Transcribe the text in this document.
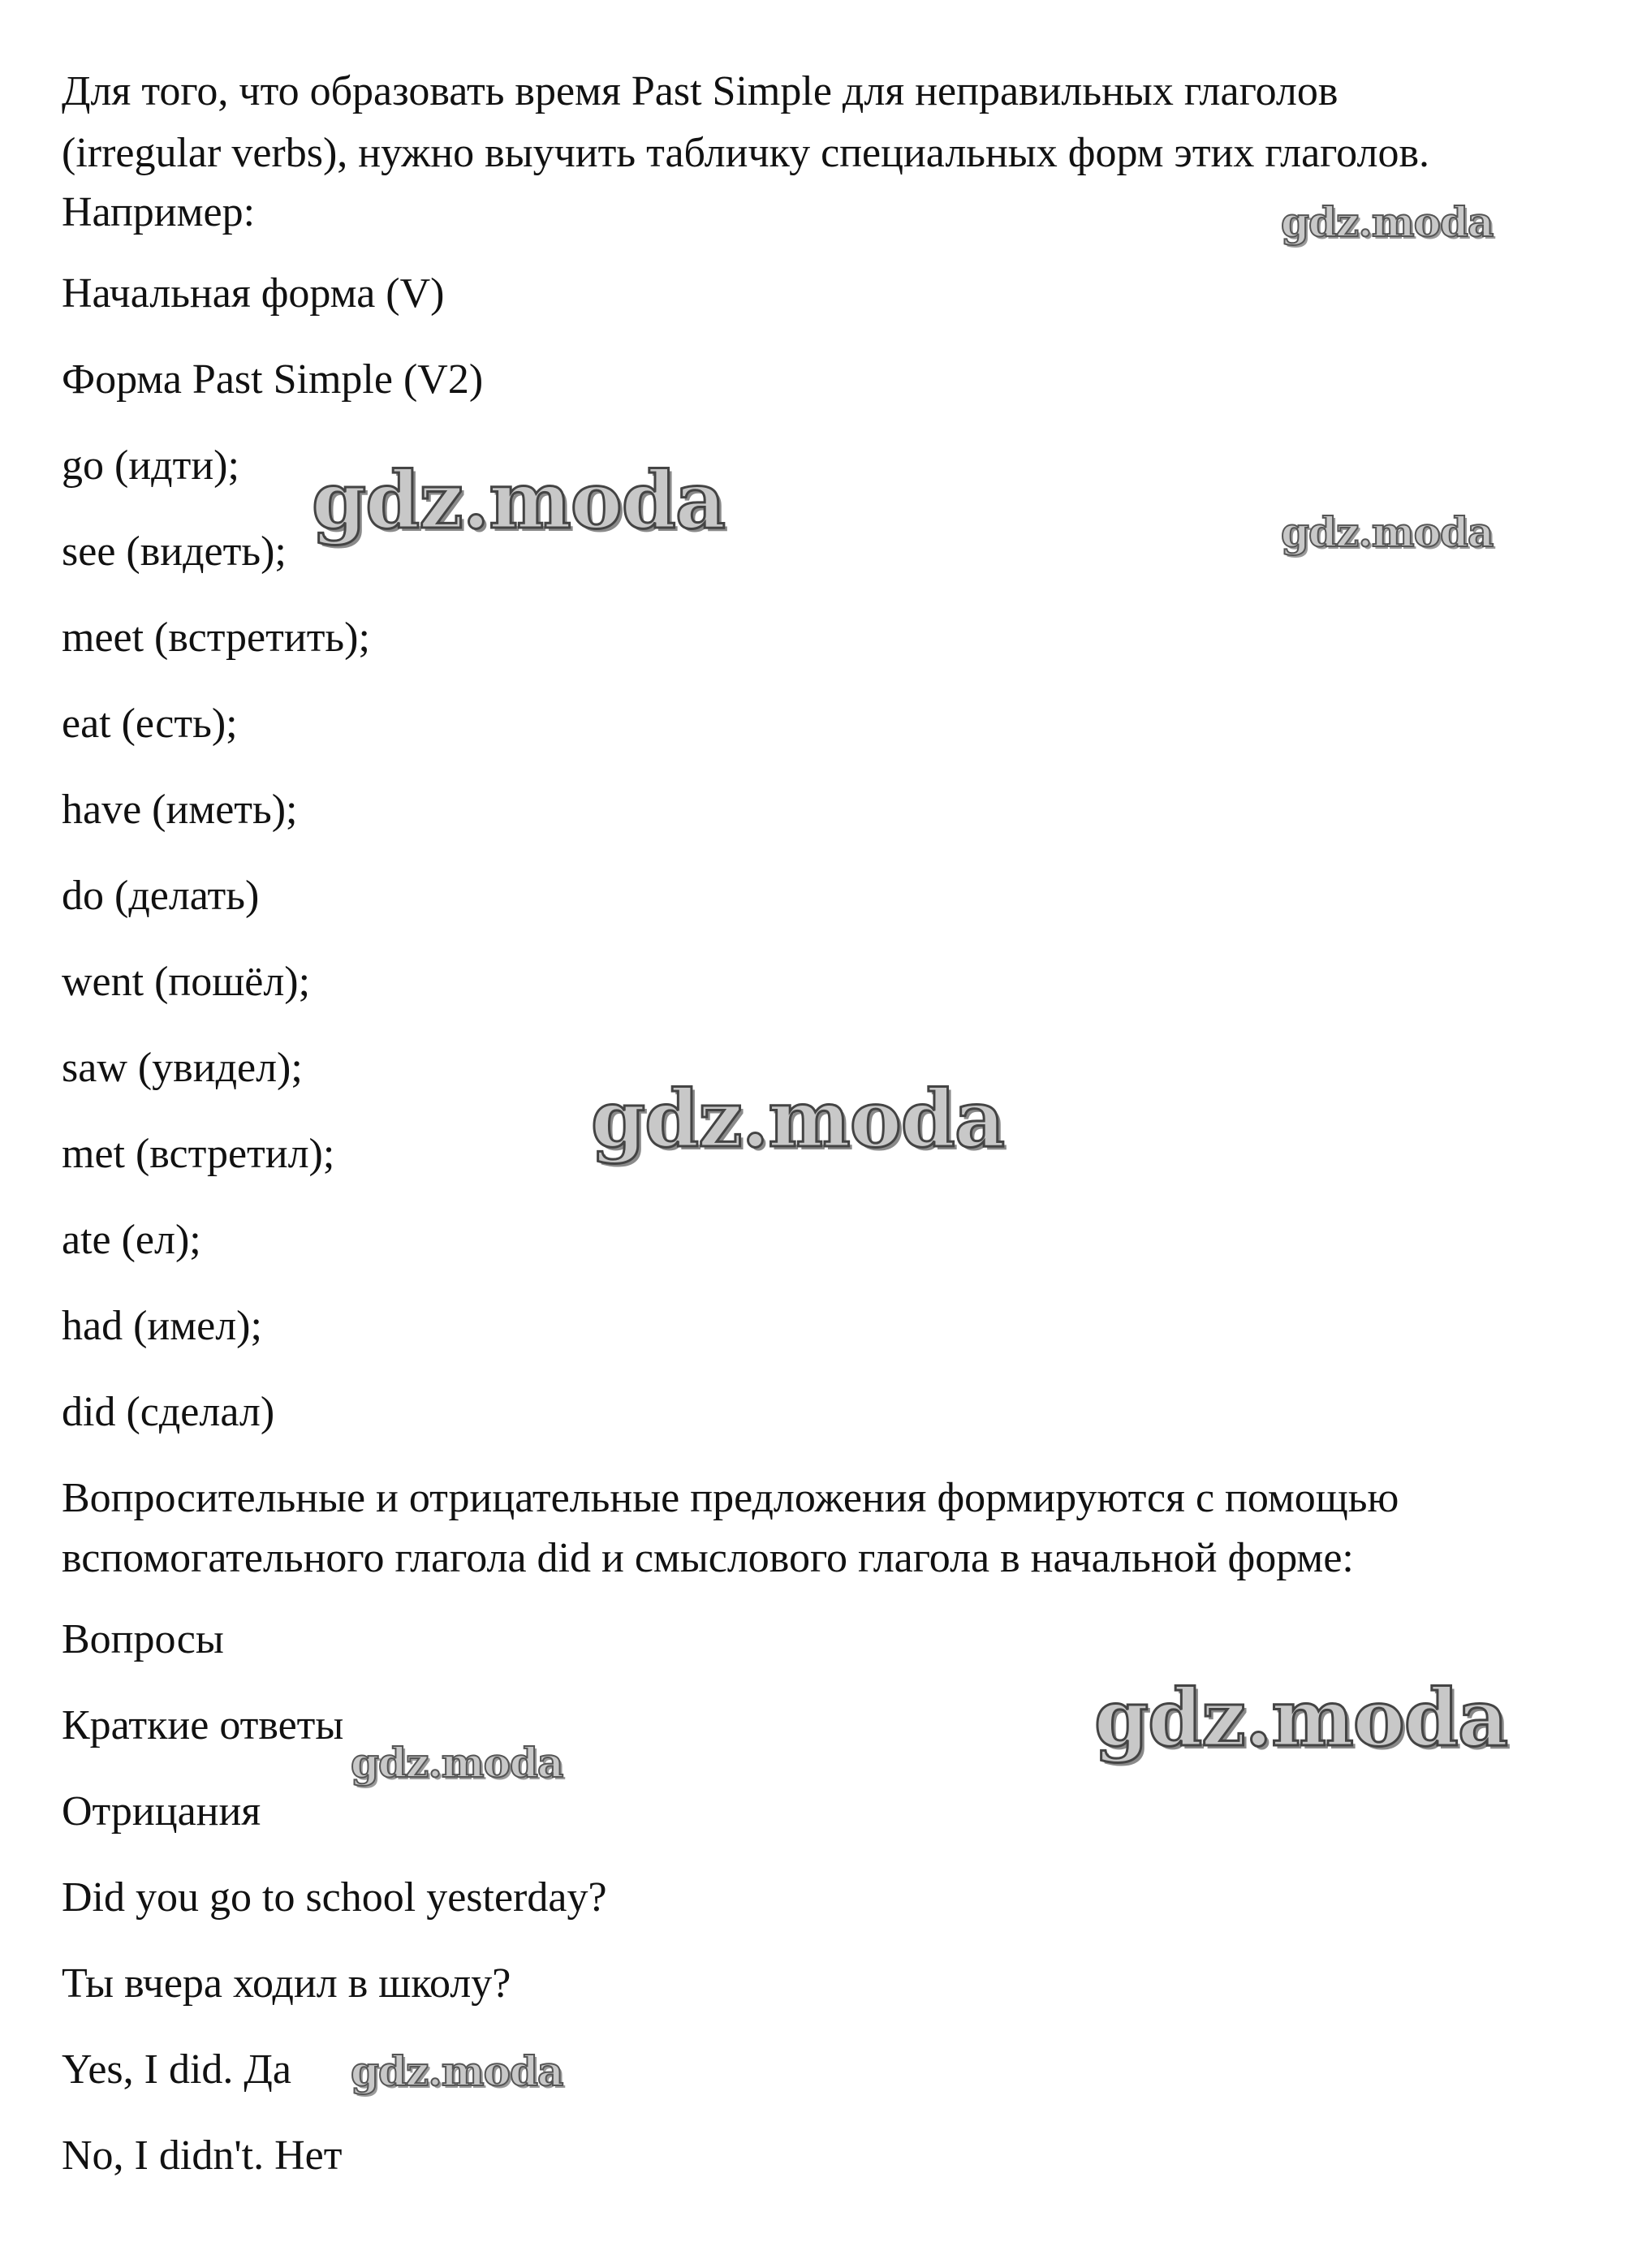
Для того, что образовать время Past Simple для неправильных глаголов

(irregular verbs), нужно выучить табличку специальных форм этих глаголов.

Например:

Начальная форма (V)

Форма Past Simple (V2)

go (идти);

see (видеть);

meet (встретить);

eat (есть);

have (иметь);

do (делать)

went (пошёл);

saw (увидел);

met (встретил);

ate (ел);

had (имел);

did (сделал)

Вопросительные и отрицательные предложения формируются с помощью

вспомогательного глагола did и смыслового глагола в начальной форме:

Вопросы

Краткие ответы

Отрицания

Did you go to school yesterday?

Ты вчера ходил в школу?

Yes, I did. Да

No, I didn't. Нет

gdz.moda
gdz.moda	gdz.moda
gdz.moda
gdz.moda
gdz.moda
gdz.moda
